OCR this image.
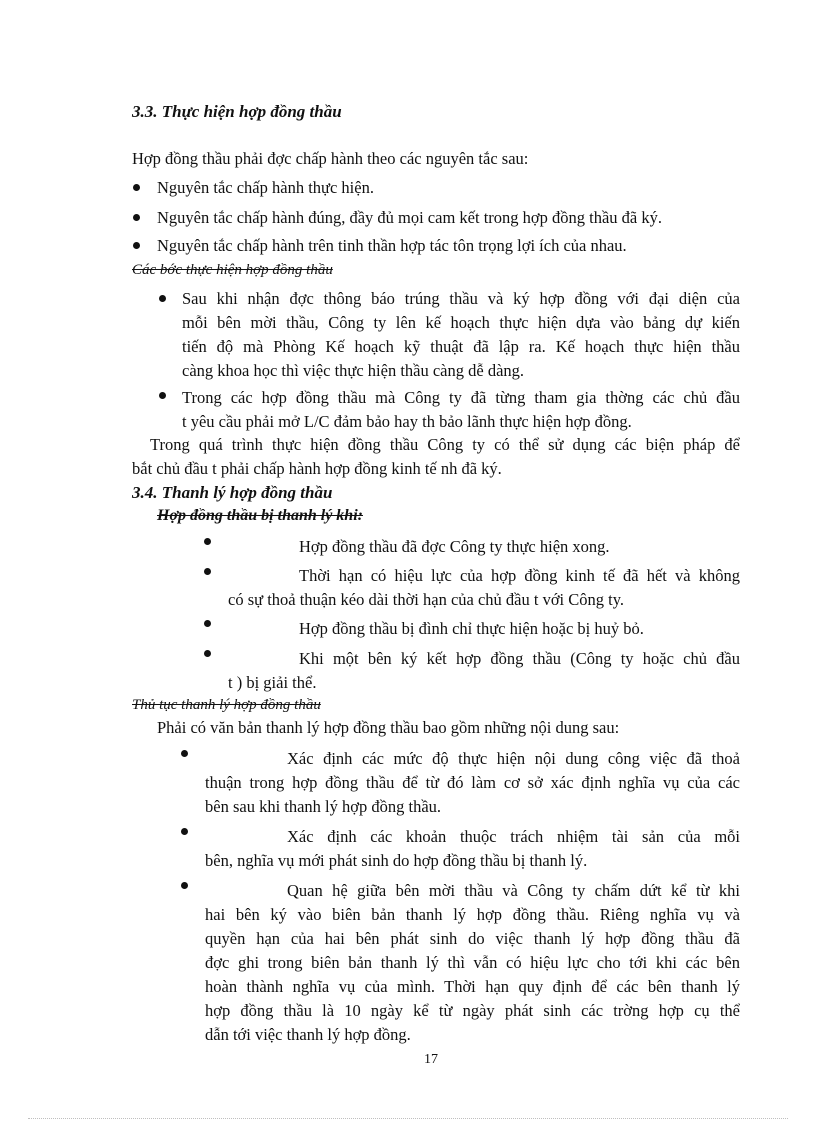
3.3. Thực hiện hợp đồng thầu
Hợp đồng thầu phải đợc chấp hành theo các nguyên tắc sau:
Nguyên tắc chấp hành thực hiện.
Nguyên tắc chấp hành đúng, đầy đủ mọi cam kết trong hợp đồng thầu đã ký.
Nguyên tắc chấp hành trên tinh thần hợp tác tôn trọng lợi ích của nhau.
Các bớc thực hiện hợp đồng thầu
Sau khi nhận đợc thông báo trúng thầu và ký hợp đồng với đại diện của
mỗi bên mời thầu, Công ty lên kế hoạch thực hiện dựa vào bảng dự kiến
tiến độ mà Phòng Kế hoạch kỹ thuật đã lập ra. Kế hoạch thực hiện thầu
càng khoa học thì việc thực hiện thầu càng dễ dàng.
Trong các hợp đồng thầu mà Công ty đã từng tham gia thờng các chủ đầu
t yêu cầu phải mở L/C đảm bảo hay th bảo lãnh thực hiện hợp đồng.
Trong quá trình thực hiện đồng thầu Công ty có thể sử dụng các biện pháp để
bắt chủ đầu t phải chấp hành hợp đồng kinh tế nh đã ký.
3.4. Thanh lý hợp đồng thầu
Hợp đồng thầu bị thanh lý khi:
Hợp đồng thầu đã đợc Công ty thực hiện xong.
Thời hạn có hiệu lực của hợp đồng kinh tế đã hết và không
có sự thoả thuận kéo dài thời hạn của chủ đầu t với Công ty.
Hợp đồng thầu bị đình chỉ thực hiện hoặc bị huỷ bỏ.
Khi một bên ký kết hợp đồng thầu (Công ty hoặc chủ đầu
t ) bị giải thể.
Thủ tục thanh lý hợp đồng thầu
Phải có văn bản thanh lý hợp đồng thầu bao gồm những nội dung sau:
Xác định các mức độ thực hiện nội dung công việc đã thoả
thuận trong hợp đồng thầu để từ đó làm cơ sở xác định nghĩa vụ của các
bên sau khi thanh lý hợp đồng thầu.
Xác định các khoản thuộc trách nhiệm tài sản của mỗi
bên, nghĩa vụ mới phát sinh do hợp đồng thầu bị thanh lý.
Quan hệ giữa bên mời thầu và Công ty chấm dứt kể từ khi
hai bên ký vào biên bản thanh lý hợp đồng thầu. Riêng nghĩa vụ và
quyền hạn của hai bên phát sinh do việc thanh lý hợp đồng thầu đã
đợc ghi trong biên bản thanh lý thì vẫn có hiệu lực cho tới khi các bên
hoàn thành nghĩa vụ của mình. Thời hạn quy định để các bên thanh lý
hợp đồng thầu là 10 ngày kể từ ngày phát sinh các trờng hợp cụ thể
dẫn tới việc thanh lý hợp đồng.
17
